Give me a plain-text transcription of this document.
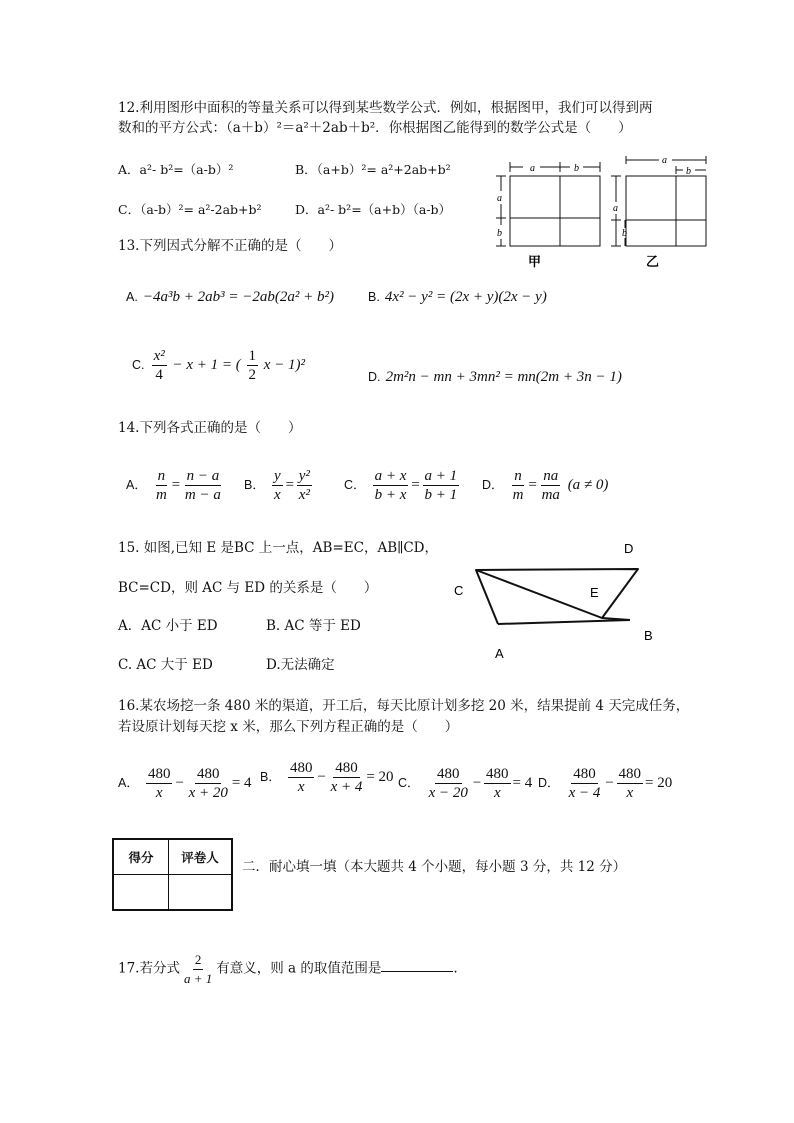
12.利用图形中面积的等量关系可以得到某些数学公式．例如，根据图甲，我们可以得到两
数和的平方公式：（a＋b）²＝a²＋2ab＋b²．你根据图乙能得到的数学公式是（　　）
A．a²- b²=（a-b）²	B．（a+b）²= a²+2ab+b²
C．（a-b）²= a²-2ab+b²	D．a²- b²=（a+b）（a-b）
a	b
a
b
甲
a
b
a
b
乙
13.下列因式分解不正确的是（　　）
A. −4a³b + 2ab³ = −2ab(2a² + b²)	B. 4x² − y² = (2x + y)(2x − y)
C. $\frac{\text{x²}}{4} - x + 1$ = ( $\frac{1}{2}$ x − 1)²
D. 2m²n − mn + 3mn² = mn(2m + 3n − 1)
14.下列各式正确的是（　　）
A． $\frac{n}{m} = \frac{n - a}{m - a}$ B． $\frac{y}{x} = \frac{\text{y²}}{\text{x²}}$	C． $\frac{a + x}{b + x} = \frac{a + 1}{b + 1}$ D． $\frac{n}{m} = \frac{na}{ma} (a \ne 0)$
15. 如图,已知 E 是BC 上一点，AB=EC，AB∥CD，
BC=CD，则 AC 与 ED 的关系是（　　）
A．AC 小于 ED	B. AC 等于 ED
C. AC 大于 ED	D.无法确定
D
C	E
B
A
16.某农场挖一条 480 米的渠道，开工后，每天比原计划多挖 20 米，结果提前 4 天完成任务，
若设原计划每天挖 x 米，那么下列方程正确的是（　　）
A． $\frac{480}{x} - \frac{480}{x + 20} = 4$ B． $\frac{480}{x} - \frac{480}{x + 4} = 20$ C． $\frac{480}{x - 20} - \frac{480}{x} = 4$ D． $\frac{480}{x - 4} - \frac{480}{x} = 20$
得分	评卷人

二．耐心填一填（本大题共 4 个小题，每小题 3 分，共 12 分）
17.若分式 $\frac{2}{a + 1}$ 有意义，则 a 的取值范围是	.
